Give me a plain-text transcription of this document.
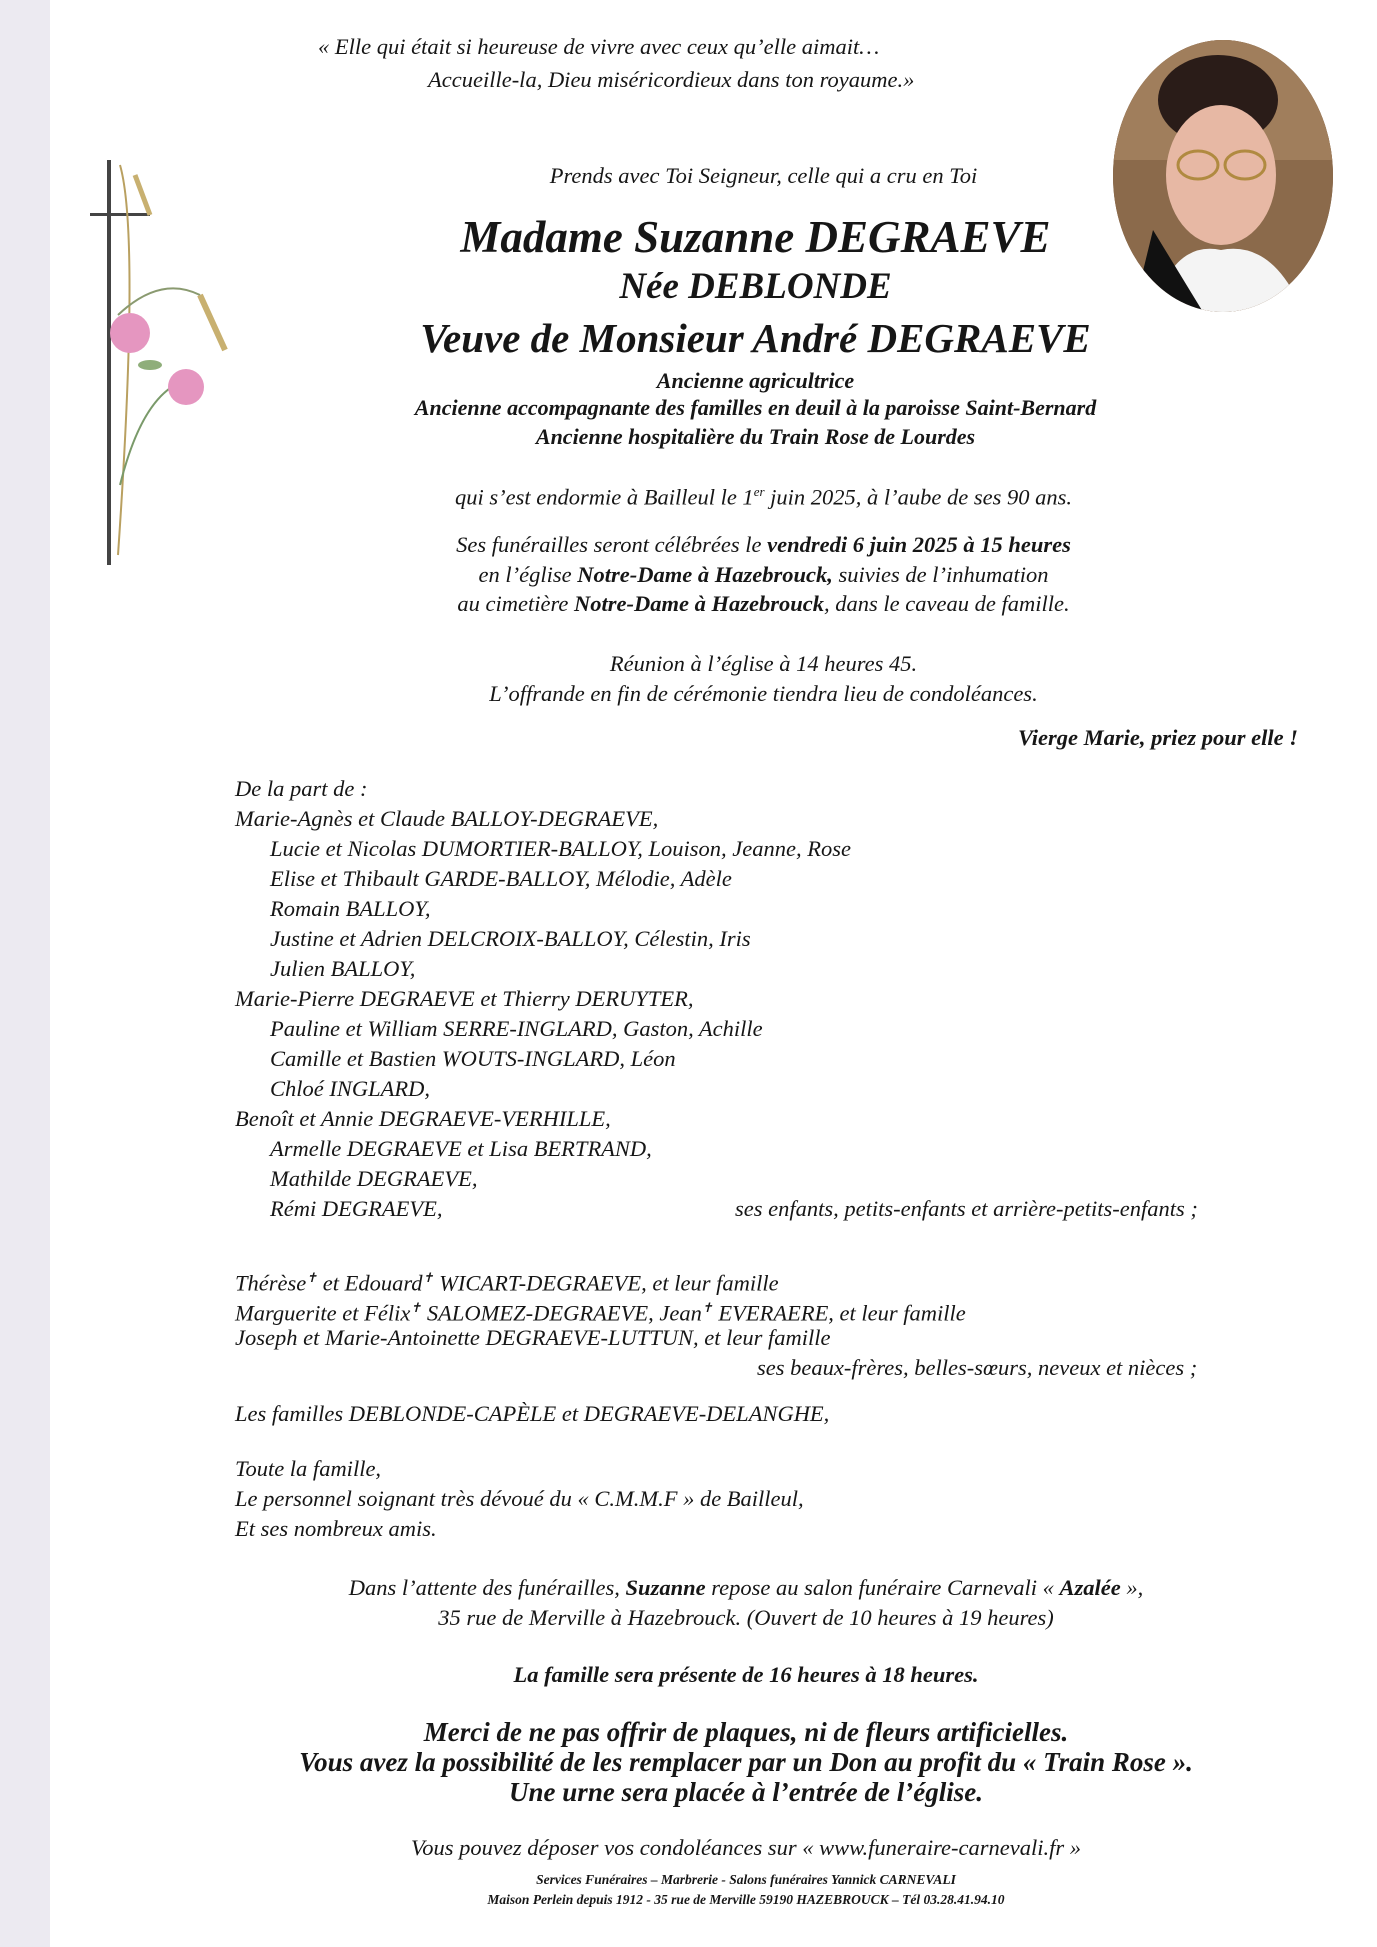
« Elle qui était si heureuse de vivre avec ceux qu’elle aimait…
Accueille-la, Dieu miséricordieux dans ton royaume.»
Prends avec Toi Seigneur, celle qui a cru en Toi
Madame Suzanne DEGRAEVE
Née DEBLONDE
Veuve de Monsieur André DEGRAEVE
Ancienne agricultrice
Ancienne accompagnante des familles en deuil à la paroisse Saint-Bernard
Ancienne hospitalière du Train Rose de Lourdes
qui s’est endormie à Bailleul le 1er juin 2025, à l’aube de ses 90 ans.
Ses funérailles seront célébrées le vendredi 6 juin 2025 à 15 heures
en l’église Notre-Dame à Hazebrouck, suivies de l’inhumation
au cimetière Notre-Dame à Hazebrouck, dans le caveau de famille.
Réunion à l’église à 14 heures 45.
L’offrande en fin de cérémonie tiendra lieu de condoléances.
Vierge Marie, priez pour elle !
De la part de :
Marie-Agnès et Claude BALLOY-DEGRAEVE,
Lucie et Nicolas DUMORTIER-BALLOY, Louison, Jeanne, Rose
Elise et Thibault GARDE-BALLOY, Mélodie, Adèle
Romain BALLOY,
Justine et Adrien DELCROIX-BALLOY, Célestin, Iris
Julien BALLOY,
Marie-Pierre DEGRAEVE et Thierry DERUYTER,
Pauline et William SERRE-INGLARD, Gaston, Achille
Camille et Bastien WOUTS-INGLARD, Léon
Chloé INGLARD,
Benoît et Annie DEGRAEVE-VERHILLE,
Armelle DEGRAEVE et Lisa BERTRAND,
Mathilde DEGRAEVE,
Rémi DEGRAEVE,	ses enfants, petits-enfants et arrière-petits-enfants ;
Thérèse✝ et Edouard✝ WICART-DEGRAEVE, et leur famille
Marguerite et Félix✝ SALOMEZ-DEGRAEVE, Jean✝ EVERAERE, et leur famille
Joseph et Marie-Antoinette DEGRAEVE-LUTTUN, et leur famille
ses beaux-frères, belles-sœurs, neveux et nièces ;
Les familles DEBLONDE-CAPÈLE et DEGRAEVE-DELANGHE,
Toute la famille,
Le personnel soignant très dévoué du « C.M.M.F » de Bailleul,
Et ses nombreux amis.
Dans l’attente des funérailles, Suzanne repose au salon funéraire Carnevali « Azalée »,
35 rue de Merville à Hazebrouck. (Ouvert de 10 heures à 19 heures)
La famille sera présente de 16 heures à 18 heures.
Merci de ne pas offrir de plaques, ni de fleurs artificielles.
Vous avez la possibilité de les remplacer par un Don au profit du « Train Rose ».
Une urne sera placée à l’entrée de l’église.
Vous pouvez déposer vos condoléances sur « www.funeraire-carnevali.fr »
Services Funéraires – Marbrerie - Salons funéraires Yannick CARNEVALI
Maison Perlein depuis 1912 - 35 rue de Merville 59190 HAZEBROUCK – Tél 03.28.41.94.10
